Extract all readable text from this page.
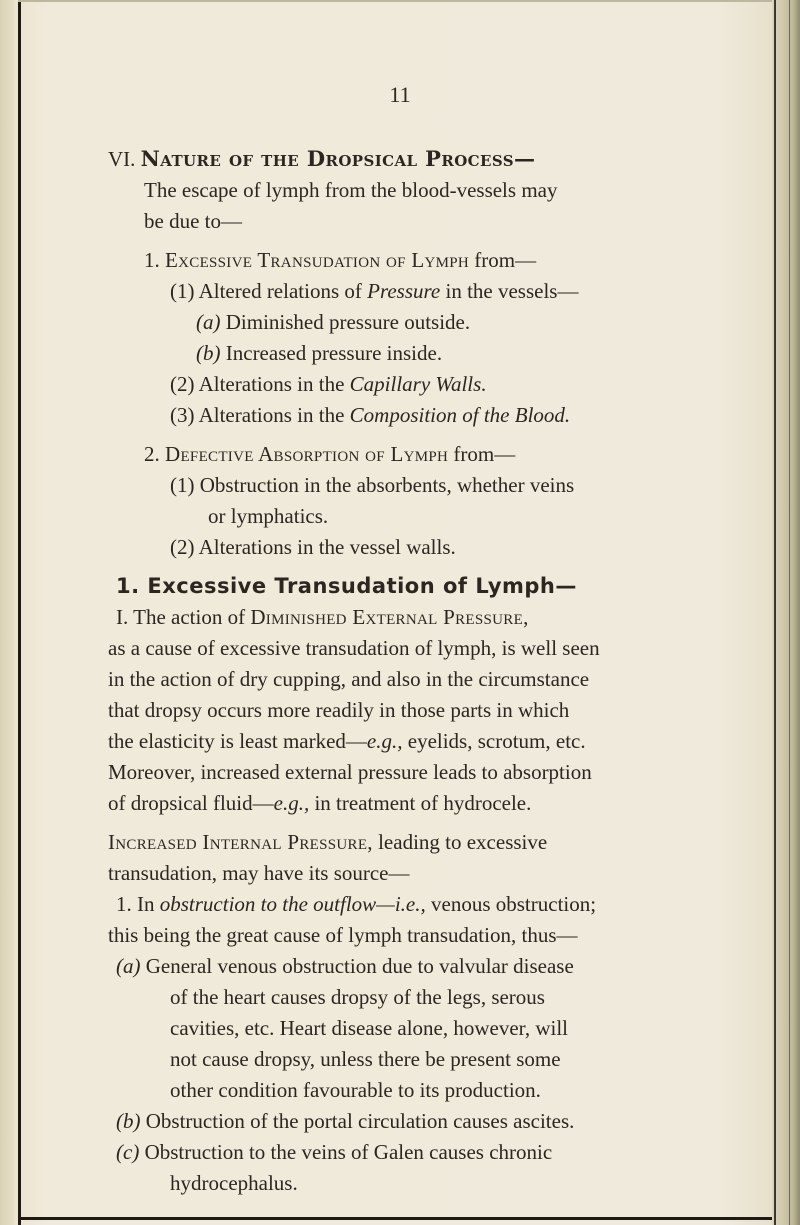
11

VI. Nature of the Dropsical Process—

The escape of lymph from the blood-vessels may

be due to—

1. Excessive Transudation of Lymph from—

(1) Altered relations of Pressure in the vessels—

(a) Diminished pressure outside.

(b) Increased pressure inside.

(2) Alterations in the Capillary Walls.

(3) Alterations in the Composition of the Blood.

2. Defective Absorption of Lymph from—

(1) Obstruction in the absorbents, whether veins

or lymphatics.

(2) Alterations in the vessel walls.

1. Excessive Transudation of Lymph—

I. The action of Diminished External Pressure,

as a cause of excessive transudation of lymph, is well seen

in the action of dry cupping, and also in the circumstance

that dropsy occurs more readily in those parts in which

the elasticity is least marked—e.g., eyelids, scrotum, etc.

Moreover, increased external pressure leads to absorption

of dropsical fluid—e.g., in treatment of hydrocele.

Increased Internal Pressure, leading to excessive

transudation, may have its source—

1. In obstruction to the outflow—i.e., venous obstruction;

this being the great cause of lymph transudation, thus—

(a) General venous obstruction due to valvular disease

of the heart causes dropsy of the legs, serous

cavities, etc. Heart disease alone, however, will

not cause dropsy, unless there be present some

other condition favourable to its production.

(b) Obstruction of the portal circulation causes ascites.

(c) Obstruction to the veins of Galen causes chronic

hydrocephalus.
